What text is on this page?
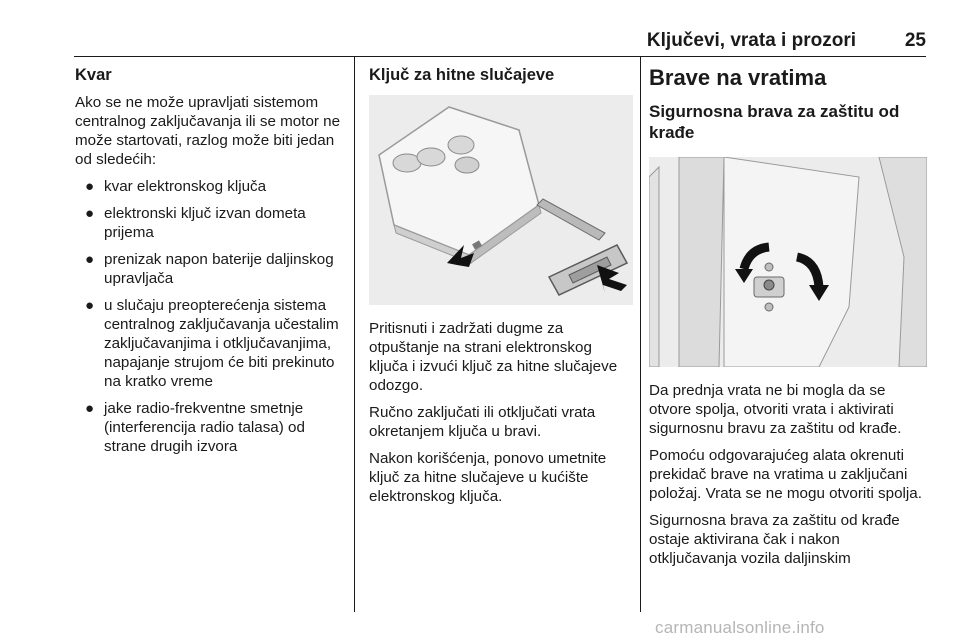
Ključevi, vrata i prozori	25
Kvar

Ako se ne može upravljati sistemom centralnog zaključavanja ili se motor ne može startovati, razlog može biti jedan od sledećih:

● kvar elektronskog ključa
● elektronski ključ izvan dometa prijema
● prenizak napon baterije daljinskog upravljača
● u slučaju preopterećenja sistema centralnog zaključavanja učestalim zaključavanjima i otključavanjima, napajanje strujom će biti prekinuto na kratko vreme
● jake radio-frekventne smetnje (interferencija radio talasa) od strane drugih izvora
Ključ za hitne slučajeve

Pritisnuti i zadržati dugme za otpuštanje na strani elektronskog ključa i izvući ključ za hitne slučajeve odozgo.

Ručno zaključati ili otključati vrata okretanjem ključa u bravi.

Nakon korišćenja, ponovo umetnite ključ za hitne slučajeve u kućište elektronskog ključa.

Brave na vratima
Sigurnosna brava za zaštitu od krađe

Da prednja vrata ne bi mogla da se otvore spolja, otvoriti vrata i aktivirati sigurnosnu bravu za zaštitu od krađe.

Pomoću odgovarajućeg alata okrenuti prekidač brave na vratima u zaključani položaj. Vrata se ne mogu otvoriti spolja.

Sigurnosna brava za zaštitu od krađe ostaje aktivirana čak i nakon otključavanja vozila daljinskim

carmanualsonline.info
